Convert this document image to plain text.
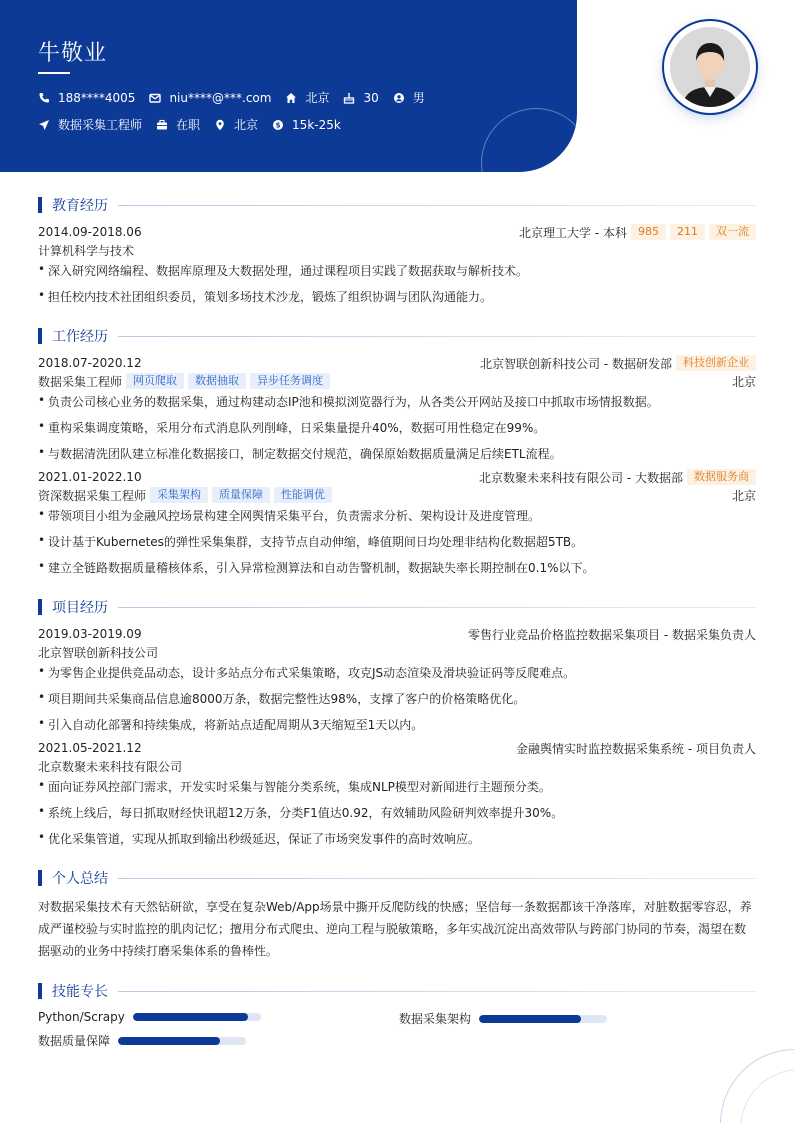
牛敬业
188****4005	niu****@***.com	北京	30	男
数据采集工程师	在职	北京	$ 15k-25k
教育经历
2014.09-2018.06	北京理工大学 - 本科	985	211	双一流
计算机科学与技术
• 深入研究网络编程、数据库原理及大数据处理，通过课程项目实践了数据获取与解析技术。
• 担任校内技术社团组织委员，策划多场技术沙龙，锻炼了组织协调与团队沟通能力。
工作经历
2018.07-2020.12	北京智联创新科技公司 - 数据研发部	科技创新企业
数据采集工程师	网页爬取	数据抽取	异步任务调度	北京
• 负责公司核心业务的数据采集，通过构建动态IP池和模拟浏览器行为，从各类公开网站及接口中抓取市场情报数据。
• 重构采集调度策略，采用分布式消息队列削峰，日采集量提升40%，数据可用性稳定在99%。
• 与数据清洗团队建立标准化数据接口，制定数据交付规范，确保原始数据质量满足后续ETL流程。
2021.01-2022.10	北京数聚未来科技有限公司 - 大数据部	数据服务商
资深数据采集工程师	采集架构	质量保障	性能调优	北京
• 带领项目小组为金融风控场景构建全网舆情采集平台，负责需求分析、架构设计及进度管理。
• 设计基于Kubernetes的弹性采集集群，支持节点自动伸缩，峰值期间日均处理非结构化数据超5TB。
• 建立全链路数据质量稽核体系，引入异常检测算法和自动告警机制，数据缺失率长期控制在0.1%以下。
项目经历
2019.03-2019.09	零售行业竞品价格监控数据采集项目 - 数据采集负责人
北京智联创新科技公司
• 为零售企业提供竞品动态，设计多站点分布式采集策略，攻克JS动态渲染及滑块验证码等反爬难点。
• 项目期间共采集商品信息逾8000万条，数据完整性达98%，支撑了客户的价格策略优化。
• 引入自动化部署和持续集成，将新站点适配周期从3天缩短至1天以内。
2021.05-2021.12	金融舆情实时监控数据采集系统 - 项目负责人
北京数聚未来科技有限公司
• 面向证券风控部门需求，开发实时采集与智能分类系统，集成NLP模型对新闻进行主题预分类。
• 系统上线后，每日抓取财经快讯超12万条，分类F1值达0.92，有效辅助风险研判效率提升30%。
• 优化采集管道，实现从抓取到输出秒级延迟，保证了市场突发事件的高时效响应。
个人总结
对数据采集技术有天然钻研欲，享受在复杂Web/App场景中撕开反爬防线的快感；坚信每一条数据都该干净落库，对脏数据零容忍，养
成严谨校验与实时监控的肌肉记忆；擅用分布式爬虫、逆向工程与脱敏策略，多年实战沉淀出高效带队与跨部门协同的节奏，渴望在数
据驱动的业务中持续打磨采集体系的鲁棒性。
技能专长
Python/Scrapy	数据采集架构
数据质量保障
